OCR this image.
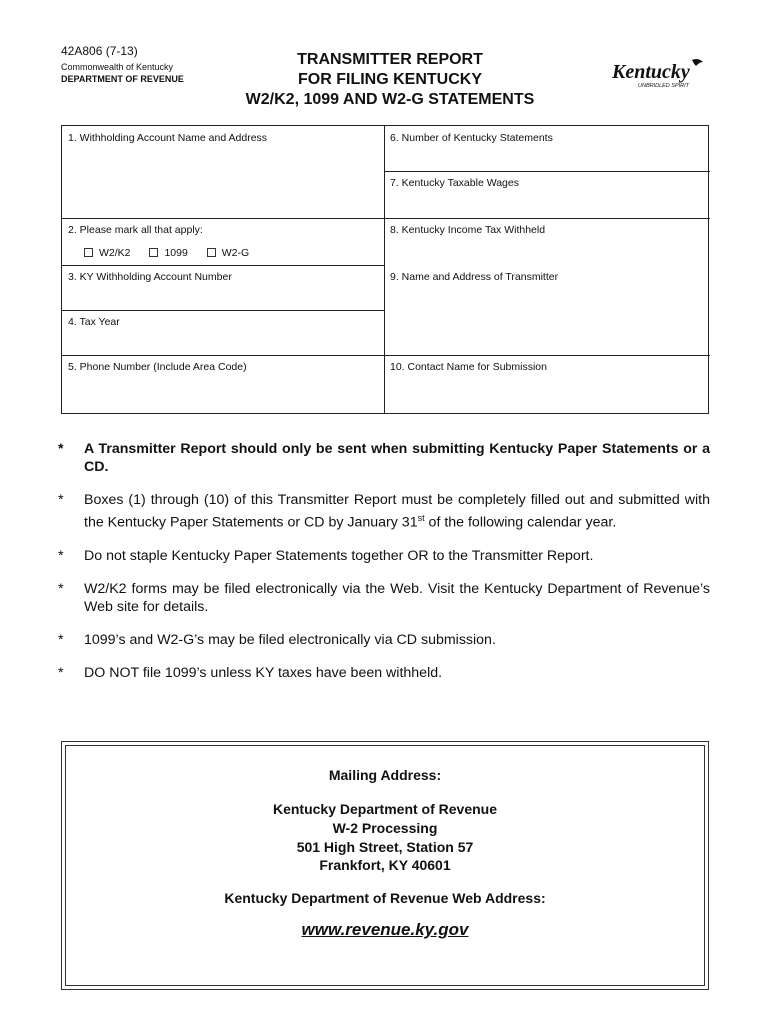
42A806 (7-13)
Commonwealth of Kentucky
DEPARTMENT OF REVENUE
TRANSMITTER REPORT
FOR FILING KENTUCKY
W2/K2, 1099 AND W2-G STATEMENTS
Kentucky
UNBRIDLED SPIRIT
1. Withholding Account Name and Address
2. Please mark all that apply:
W2/K2	1099	W2-G
3. KY Withholding Account Number
4. Tax Year
5. Phone Number (Include Area Code)
6. Number of Kentucky Statements
7. Kentucky Taxable Wages
8. Kentucky Income Tax Withheld
9. Name and Address of Transmitter
10. Contact Name for Submission
* A Transmitter Report should only be sent when submitting Kentucky Paper Statements or a CD.
* Boxes (1) through (10) of this Transmitter Report must be completely filled out and submitted with the Kentucky Paper Statements or CD by January 31st of the following calendar year.
* Do not staple Kentucky Paper Statements together OR to the Transmitter Report.
* W2/K2 forms may be filed electronically via the Web. Visit the Kentucky Department of Revenue’s Web site for details.
* 1099’s and W2-G’s may be filed electronically via CD submission.
* DO NOT file 1099’s unless KY taxes have been withheld.
Mailing Address:
Kentucky Department of Revenue
W-2 Processing
501 High Street, Station 57
Frankfort, KY 40601
Kentucky Department of Revenue Web Address:
www.revenue.ky.gov
